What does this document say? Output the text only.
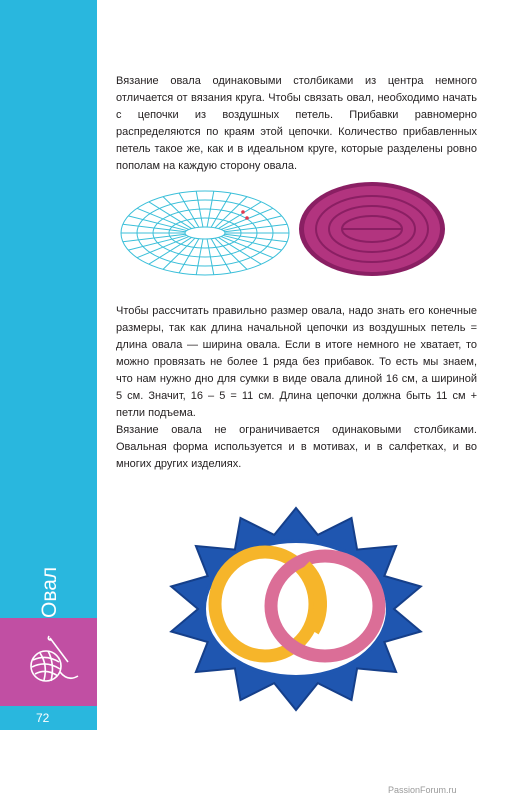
Овал
72

Вязание овала одинаковыми столбиками из центра немного отличается от вязания круга. Чтобы связать овал, необходимо начать с цепочки из воздушных петель. Прибавки равномерно распределяются по краям этой цепочки. Количество прибавленных петель такое же, как и в идеальном круге, которые разделены ровно пополам на каждую сторону овала.

Чтобы рассчитать правильно размер овала, надо знать его конечные размеры, так как длина начальной цепочки из воздушных петель = длина овала — ширина овала. Если в итоге немного не хватает, то можно провязать не более 1 ряда без прибавок. То есть мы знаем, что нам нужно дно для сумки в виде овала длиной 16 см, а шириной 5 см. Значит, 16 – 5 = 11 см. Длина цепочки должна быть 11 см + петли подъема.

Вязание овала не ограничивается одинаковыми столбиками. Овальная форма используется и в мотивах, и в салфетках, и во многих других изделиях.

PassionForum.ru
